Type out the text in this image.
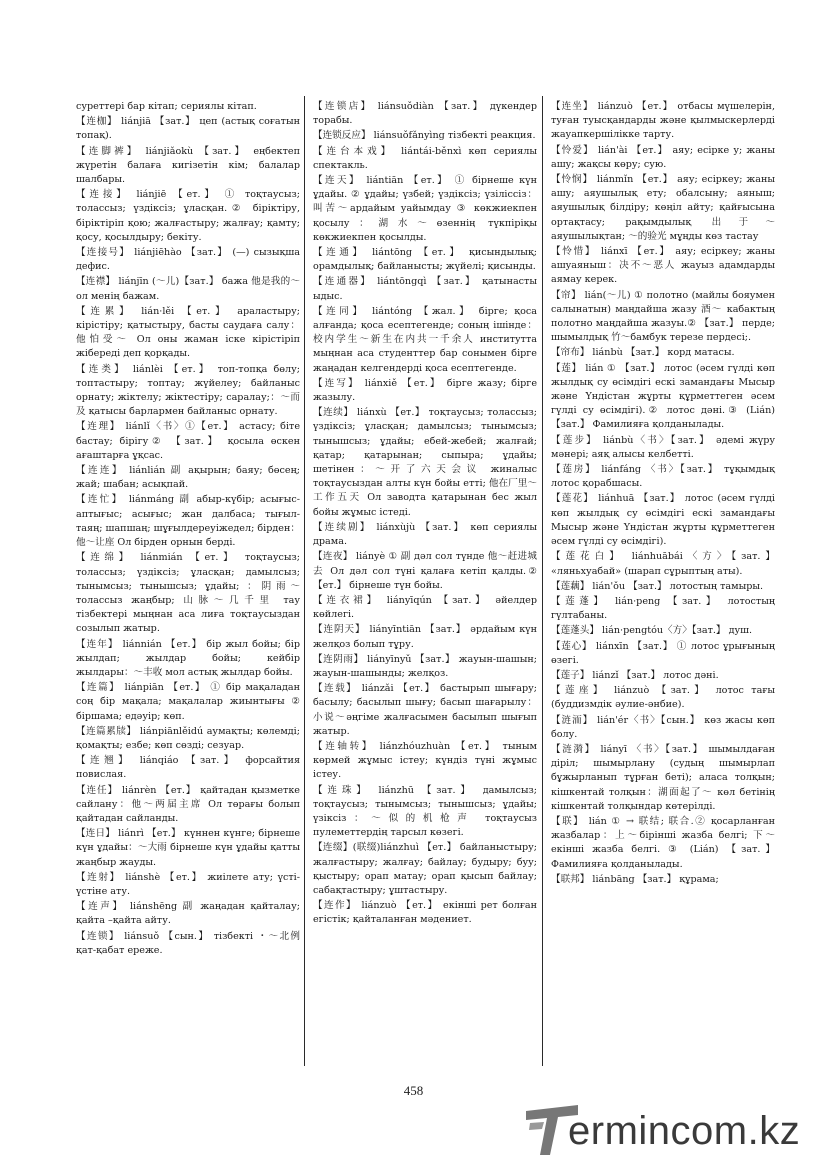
суреттері бар кітап; сериялы кітап.
【连枷】 liánjiā 【зат.】 цеп (астық соғатын топақ).
【连脚裤】 liánjiǎokù 【зат.】 еңбектеп жүретін балаға кигізетін кім; балалар шалбары.
【连接】 liánjiē 【ет.】 ① тоқтаусыз; толассыз; үздіксіз; ұласқан.② біріктіру, біріктіріп қою; жалғастыру; жалғау; қамту; қосу, қосылдыру; бекіту.
【连接号】 liánjiēhào 【зат.】 (—) сызықша дефис.
【连襟】 liánjīn (〜儿)【зат.】 бажа 他是我的〜 ол менің бажам.
【连累】 lián·lěi 【ет.】 араластыру; кірістіру; қатыстыру, басты саудаға салу：他怕受〜 Ол оны жаман іске кірістіріп жібереді деп қорқады.
【连类】 liánlèi 【ет.】 топ-топқа бөлу; топтастыру; топтау; жүйелеу; байланыс орнату; жіктелу; жіктестіру; саралау;：〜而及 қатысы барлармен байланыс орнату.
【连理】 liánlǐ〈书〉①【ет.】 астасу; біте бастау; бірігу② 【зат.】 қосыла өскен ағаштарға ұқсас.
【连连】 liánlián 副 ақырын; баяу; бөсең; жай; шабан; асықпай.
【连忙】 liánmáng 副 абыр-күбір; асығыс-аптығыс; асығыс; жан далбаса; тығыл-таяң; шапшаң; шұғылдереуіжедел; бірден：他〜让座 Ол бірден орнын берді.
【连绵】 liánmián 【ет.】 тоқтаусыз; толассыз; үздіксіз; ұласқан; дамылсыз; тынымсыз; тынышсыз; ұдайы; ：阴雨〜 толассыз жаңбыр; 山脉〜几千里 тау тізбектері мыңнан аса лиға тоқтаусыздан созылып жатыр.
【连年】 liánnián 【ет.】 бір жыл бойы; бір жылдап; жылдар бойы; кейбір жылдары：〜丰收 мол астық жылдар бойы.
【连篇】 liánpiān 【ет.】 ① бір мақаладан соң бір мақала; мақалалар жиынтығы ② біршама; едәуір; көп.
【连篇累牍】 liánpiānlěidú аумақты; көлемді; қомақты; езбе; көп сөзді; сезуар.
【连翘】 liánqiáo 【зат.】 форсайтия повислая.
【连任】 liánrèn 【ет.】 қайтадан қызметке сайлану：他〜两届主席 Ол төрағы болып қайтадан сайланды.
【连日】 liánrì 【ет.】 күннен күнге; бірнеше күн ұдайы：〜大雨 бірнеше күн ұдайы қатты жаңбыр жауды.
【连射】 liánshè 【ет.】 жиілете ату; үсті-үстіне ату.
【连声】 liánshēng 副 жаңадан қайталау; қайта –қайта айту.
【连锁】 liánsuǒ 【сын.】 тізбекті ・〜北例 қат-қабат ереже.
【连锁店】 liánsuǒdiàn 【зат.】 дүкендер торабы.
【连锁反应】 liánsuǒfǎnyìng тізбекті реакция.
【连台本戏】 liántái-běnxì көп сериялы спектакль.
【连天】 liántiān 【ет.】 ① бірнеше күн ұдайы. ② ұдайы; үзбей; үздіксіз; үзіліссіз：叫苦〜ардайым уайымдау ③ көкжиекпен қосылу：湖水〜өзеннің түкпіріқы көкжиекпен қосылды.
【连通】 liántōng 【ет.】 қисындылық; орамдылық; байланысты; жүйелі; қисынды.
【连通器】 liántōngqì 【зат.】 қатынасты ыдыс.
【连同】 liántóng 【жал.】 бірге; қоса алғанда; қоса есептегенде; соның ішінде：校内学生〜新生在内共一千余人 институтта мыңнан аса студенттер бар сонымен бірге жаңадан келгендерді қоса есептегенде.
【连写】 liánxiě 【ет.】 бірге жазу; бірге жазылу.
【连续】 liánxù 【ет.】 тоқтаусыз; толассыз; үздіксіз; ұласқан; дамылсыз; тынымсыз; тынышсыз; ұдайы; ебей-жебей; жалғай; қатар; қатарынан; сыпыра; ұдайы; шетінен：〜开了六天会议 жиналыс тоқтаусыздан алты күн бойы етті; 他在厂里〜工作五天 Ол заводта қатарынан бес жыл бойы жұмыс істеді.
【连续剧】 liánxùjù 【зат.】 көп сериялы драма.
【连夜】 liányè ① 副 дәл сол түнде 他〜赶进城去 Ол дәл сол түні қалаға кетіп қалды.② 【ет.】 бірнеше түн бойы.
【连衣裙】 liányīqún 【зат.】 әйелдер көйлегі.
【连阴天】 liányīntiān 【зат.】 әрдайым күн желқоз болып тұру.
【连阴雨】 liányīnyǔ 【зат.】 жауын-шашын; жауын-шашынды; желқоз.
【连载】 liánzǎi 【ет.】 бастырып шығару; басылу; басылып шығу; басып шағарылу：小说〜әңгіме жалғасымен басылып шығып жатыр.
【连轴转】 liánzhóuzhuàn 【ет.】 тыным көрмей жұмыс істеу; күндіз түні жұмыс істеу.
【连珠】 liánzhū 【зат.】 дамылсыз; тоқтаусыз; тынымсыз; тынышсыз; ұдайы; үзіксіз：〜似的机枪声 тоқтаусыз пулеметтердің тарсыл көзегі.
【连缀】(联缀)liánzhuì 【ет.】 байланыстыру; жалғастыру; жалғау; байлау; будыру; буу; қыстыру; орап матау; орап қысып байлау; сабақтастыру; ұштастыру.
【连作】 liánzuò 【ет.】 екінші рет болған егістік; қайталанған мәдениет.
【连坐】 liánzuò 【ет.】 отбасы мүшелерін, туған туысқандарды және қылмыскерлерді жауапкершілікке тарту.
【怜爱】 lián'ài 【ет.】 аяу; есірке у; жаны ашу; жақсы көру; сую.
【怜悯】 liánmǐn 【ет.】 аяу; есіркеу; жаны ашу; аяушылық ету; обалсыну; аяныш; аяушылық білдіру; көңіл айту; қайғысына ортақтасу; рақымдылық 出于〜 аяушылықтан; 〜的验光 мұңды көз тастау
【怜惜】 liánxī 【ет.】 аяу; есіркеу; жаны ашуаяныш：决不〜恶人 жауыз адамдарды аямау керек.
【帘】 lián(〜儿) ① полотно (майлы бояумен салынатын) маңдайша жазу 酒〜 кабактың полотно маңдайша жазуы.② 【зат.】 перде; шымылдық 竹〜бамбук терезе пердесі;.
【帘布】 liánbù 【зат.】 корд матасы.
【莲】 lián ① 【зат.】 лотос (әсем гүлді көп жылдық су өсімдігі ескі замандағы Мысыр және Үндістан жұрты құрметтеген әсем гүлді су өсімдігі).② лотос дәні.③ (Lián) 【зат.】 Фамилияға қолданылады.
【莲步】 liánbù〈书〉【зат.】 әдемі жүру мәнері; аяқ алысы келбетті.
【莲房】 liánfáng 〈书〉【зат.】 тұқымдық лотос қорабшасы.
【莲花】 liánhuā 【зат.】 лотос (әсем гүлді көп жылдық су өсімдігі ескі замандағы Мысыр және Үндістан жұрты құрметтеген әсем гүлді су өсімдігі).
【莲花白】 liánhuābái〈方〉【зат.】 «ляньхуабай» (шарап сұрыптың аты).
【莲藕】 lián'ǒu 【зат.】 лотостың тамыры.
【莲蓬】 lián·peng 【зат.】 лотостың гүлтабаны.
【莲蓬头】 lián·pengtóu〈方〉【зат.】 душ.
【莲心】 liánxīn 【зат.】 ① лотос ұрығының өзегі.
【莲子】 liánzǐ 【зат.】 лотос дәні.
【莲座】 liánzuò 【зат.】 лотос тағы (буддизмдік әулие-әнбие).
【涟洏】 lián'ér〈书〉【сын.】 көз жасы көп болу.
【涟漪】 liányī 〈书〉【зат.】 шымылдаған діріл; шымырлану (судың шымырлап бұжырланып тұрған беті); аласа толқын; кішкентай толқын：湖面起了〜 көл бетінің кішкентай толқындар көтерілді.
【联】 lián ① → 联结; 联合.② қосарланған жазбалар：上〜бірінші жазба белгі; 下〜екінші жазба белгі. ③ (Lián) 【зат.】 Фамилияға қолданылады.
【联邦】 liánbāng 【зат.】 құрама;
458
ermincom.kz
